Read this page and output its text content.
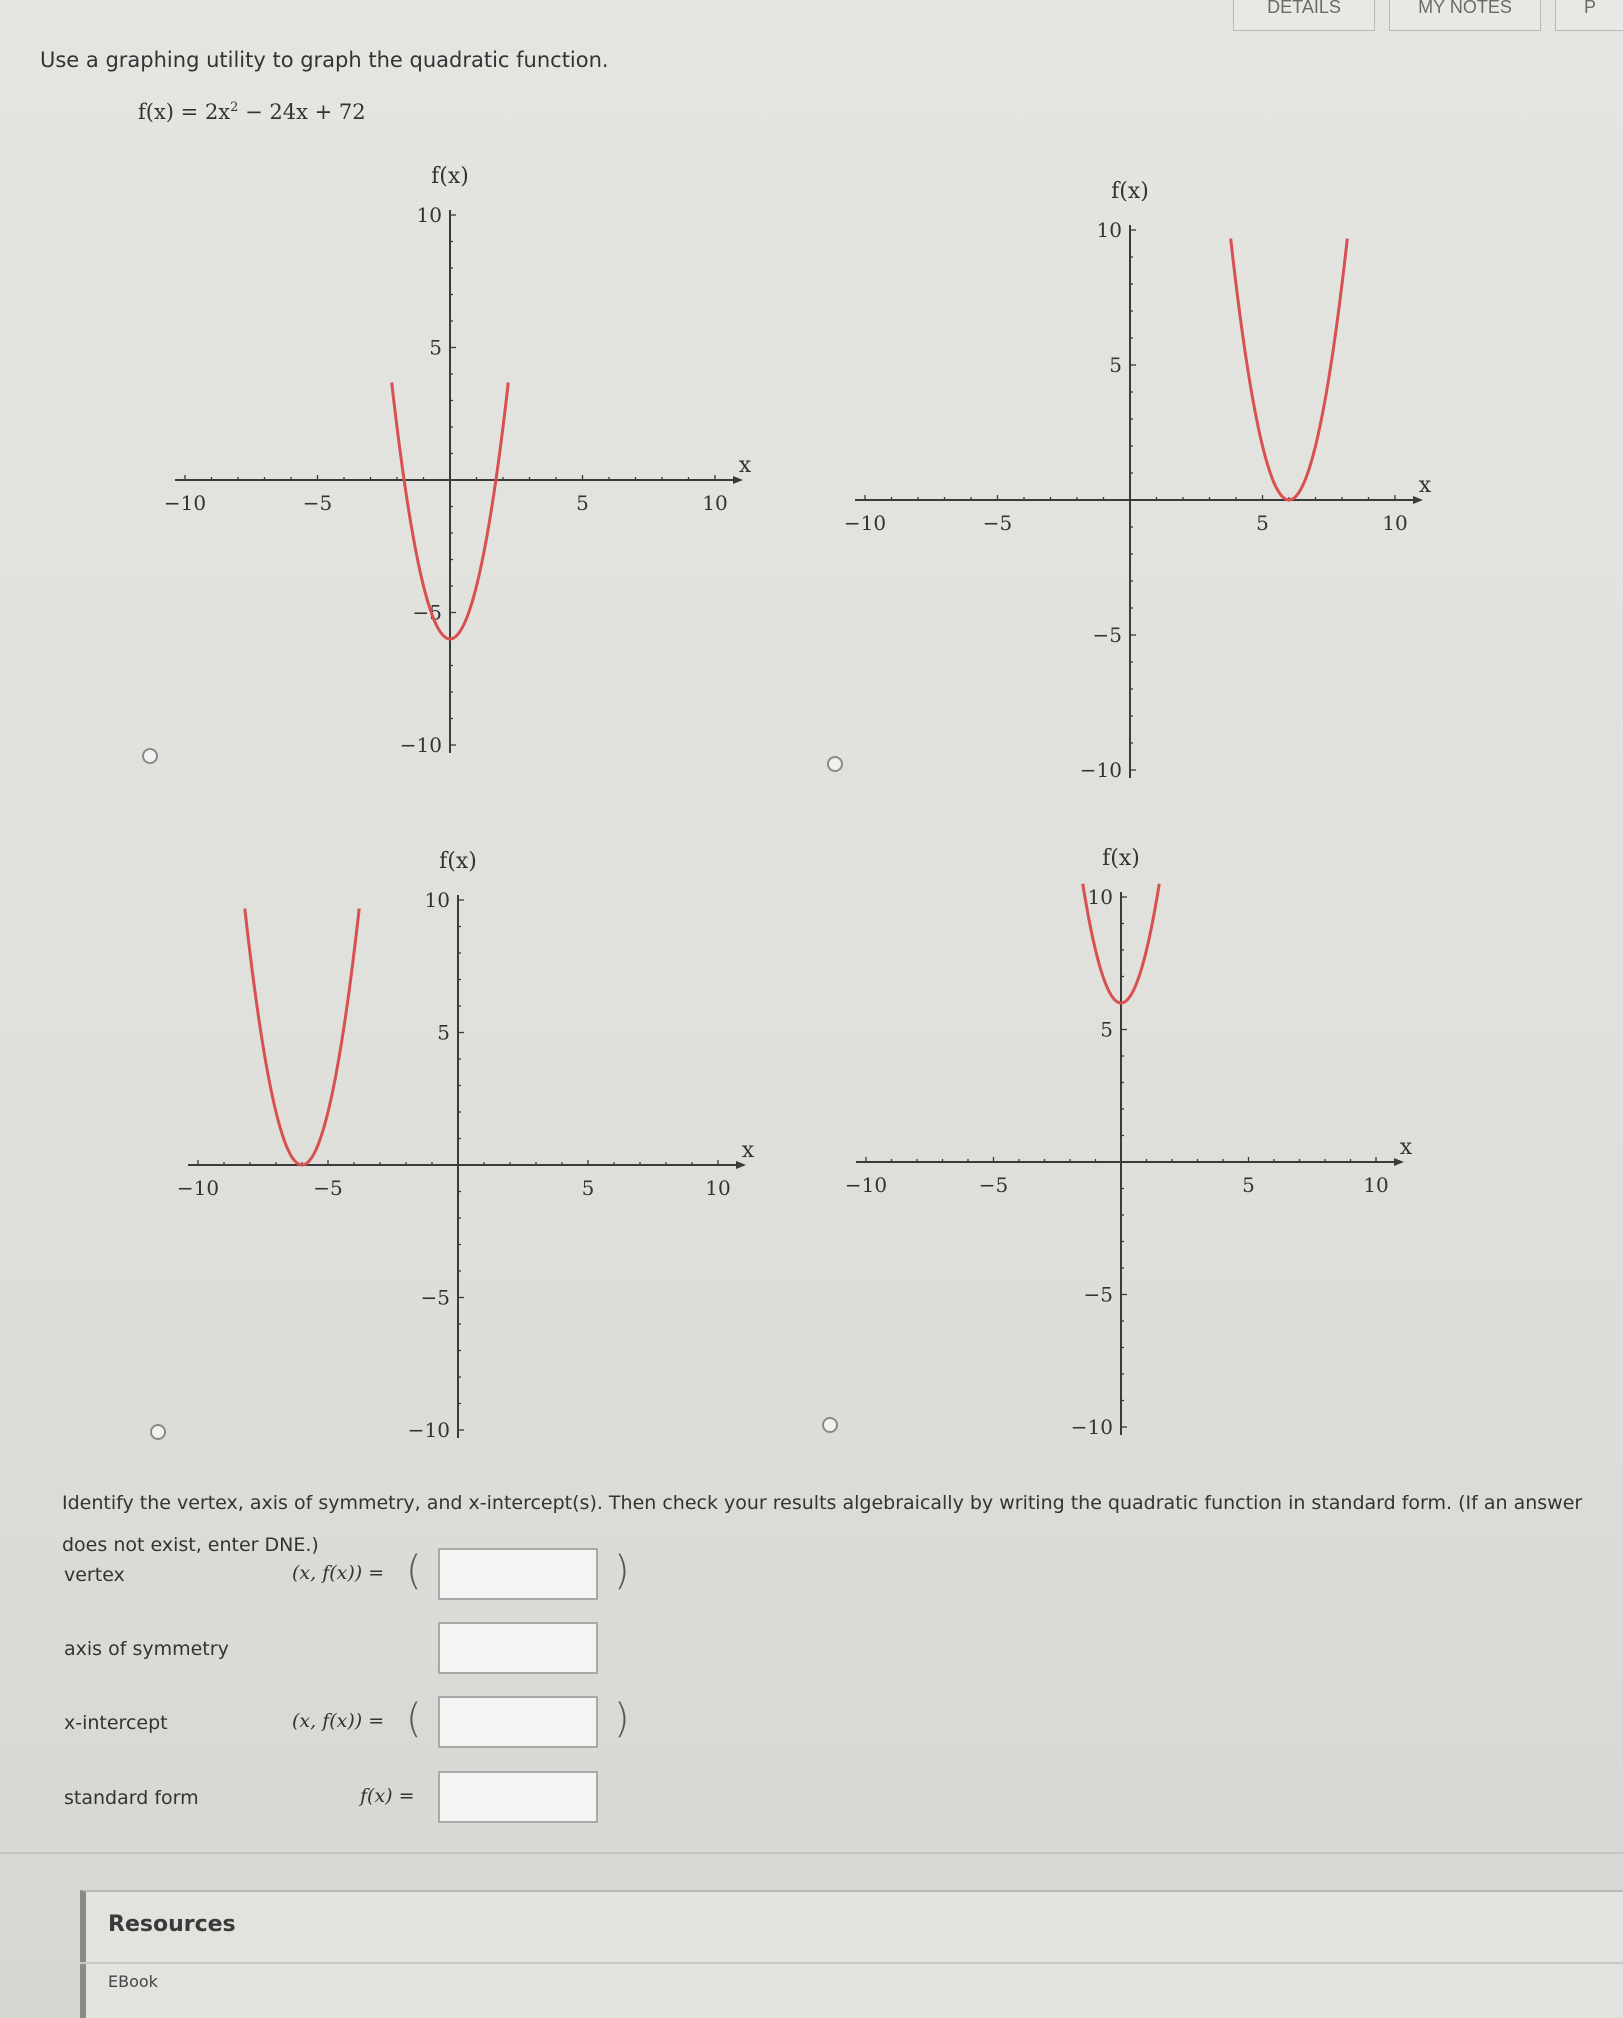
DETAILS	MY NOTES	P
Use a graphing utility to graph the quadratic function.
$f(x) = 2x^2 - 24x + 72$
−10	−5	5	10
−10
−5
5
10
f(x)
x
−10	−5	5	10
−10
−5
5
10
f(x)
x
−10	−5	5	10
−10
−5
5
10
f(x)
x
−10	−5	5	10
−10
−5
5
10
f(x)
x
Identify the vertex, axis of symmetry, and x-intercept(s). Then check your results algebraically by writing the quadratic function in standard form. (If an answer does not exist, enter DNE.)
vertex	(x, f(x)) = (	)
axis of symmetry
x-intercept	(x, f(x)) = (	)
standard form	f(x) =
Resources
EBook
